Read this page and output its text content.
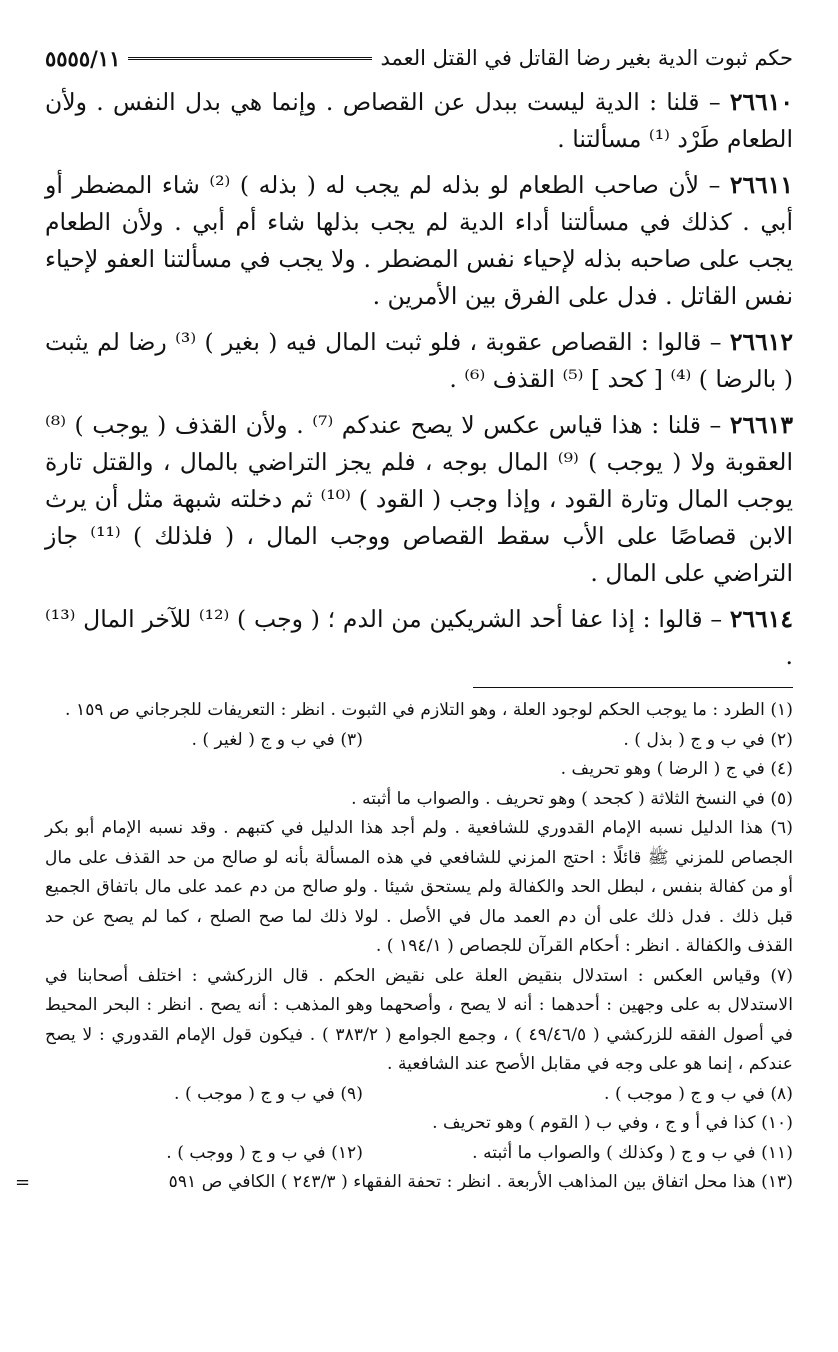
حكم ثبوت الدية بغير رضا القاتل في القتل العمد
٥٥٥٥/١١

٢٦٦١٠ – قلنا : الدية ليست ببدل عن القصاص . وإنما هي بدل النفس . ولأن الطعام طَرْد ⁽¹⁾ مسألتنا .

٢٦٦١١ – لأن صاحب الطعام لو بذله لم يجب له ( بذله ) ⁽²⁾ شاء المضطر أو أبي . كذلك في مسألتنا أداء الدية لم يجب بذلها شاء أم أبي . ولأن الطعام يجب على صاحبه بذله لإحياء نفس المضطر . ولا يجب في مسألتنا العفو لإحياء نفس القاتل . فدل على الفرق بين الأمرين .

٢٦٦١٢ – قالوا : القصاص عقوبة ، فلو ثبت المال فيه ( بغير ) ⁽³⁾ رضا لم يثبت ( بالرضا ) ⁽⁴⁾ [ كحد ] ⁽⁵⁾ القذف ⁽⁶⁾ .

٢٦٦١٣ – قلنا : هذا قياس عكس لا يصح عندكم ⁽⁷⁾ . ولأن القذف ( يوجب ) ⁽⁸⁾ العقوبة ولا ( يوجب ) ⁽⁹⁾ المال بوجه ، فلم يجز التراضي بالمال ، والقتل تارة يوجب المال وتارة القود ، وإذا وجب ( القود ) ⁽¹⁰⁾ ثم دخلته شبهة مثل أن يرث الابن قصاصًا على الأب سقط القصاص ووجب المال ، ( فلذلك ) ⁽¹¹⁾ جاز التراضي على المال .

٢٦٦١٤ – قالوا : إذا عفا أحد الشريكين من الدم ؛ ( وجب ) ⁽¹²⁾ للآخر المال ⁽¹³⁾ .

(١) الطرد : ما يوجب الحكم لوجود العلة ، وهو التلازم في الثبوت . انظر : التعريفات للجرجاني ص ١٥٩ .

(٢) في ب و ج ( بذل ) .
(٣) في ب و ج ( لغير ) .

(٤) في ج ( الرضا ) وهو تحريف .

(٥) في النسخ الثلاثة ( كجحد ) وهو تحريف . والصواب ما أثبته .

(٦) هذا الدليل نسبه الإمام القدوري للشافعية . ولم أجد هذا الدليل في كتبهم . وقد نسبه الإمام أبو بكر الجصاص للمزني ﷺ قائلًا : احتج المزني للشافعي في هذه المسألة بأنه لو صالح من حد القذف على مال أو من كفالة بنفس ، لبطل الحد والكفالة ولم يستحق شيئا . ولو صالح من دم عمد على مال باتفاق الجميع قبل ذلك . فدل ذلك على أن دم العمد مال في الأصل . لولا ذلك لما صح الصلح ، كما لم يصح عن حد القذف والكفالة . انظر : أحكام القرآن للجصاص ( ١٩٤/١ ) .

(٧) وقياس العكس : استدلال بنقيض العلة على نقيض الحكم . قال الزركشي : اختلف أصحابنا في الاستدلال به على وجهين : أحدهما : أنه لا يصح ، وأصحهما وهو المذهب : أنه يصح . انظر : البحر المحيط في أصول الفقه للزركشي ( ٤٩/٤٦/٥ ) ، وجمع الجوامع ( ٣٨٣/٢ ) . فيكون قول الإمام القدوري : لا يصح عندكم ، إنما هو على وجه في مقابل الأصح عند الشافعية .

(٨) في ب و ج ( موجب ) .
(٩) في ب و ج ( موجب ) .

(١٠) كذا في أ و ج ، وفي ب ( القوم ) وهو تحريف .

(١١) في ب و ج ( وكذلك ) والصواب ما أثبته .
(١٢) في ب و ج ( ووجب ) .

(١٣) هذا محل اتفاق بين المذاهب الأربعة . انظر : تحفة الفقهاء ( ٢٤٣/٣ ) الكافي ص ٥٩١
=
